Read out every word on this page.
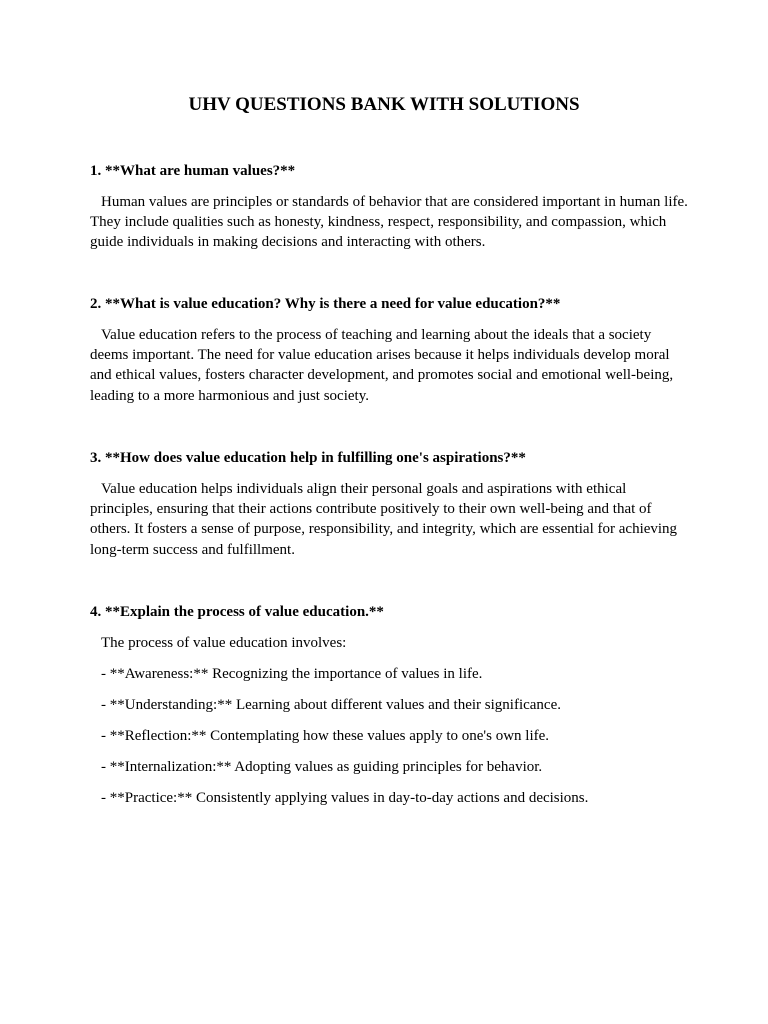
UHV QUESTIONS BANK WITH SOLUTIONS

1. **What are human values?**

Human values are principles or standards of behavior that are considered important in human life. They include qualities such as honesty, kindness, respect, responsibility, and compassion, which guide individuals in making decisions and interacting with others.

2. **What is value education? Why is there a need for value education?**

Value education refers to the process of teaching and learning about the ideals that a society deems important. The need for value education arises because it helps individuals develop moral and ethical values, fosters character development, and promotes social and emotional well-being, leading to a more harmonious and just society.

3. **How does value education help in fulfilling one's aspirations?**

Value education helps individuals align their personal goals and aspirations with ethical principles, ensuring that their actions contribute positively to their own well-being and that of others. It fosters a sense of purpose, responsibility, and integrity, which are essential for achieving long-term success and fulfillment.

4. **Explain the process of value education.**

The process of value education involves:

- **Awareness:** Recognizing the importance of values in life.
- **Understanding:** Learning about different values and their significance.
- **Reflection:** Contemplating how these values apply to one's own life.
- **Internalization:** Adopting values as guiding principles for behavior.
- **Practice:** Consistently applying values in day-to-day actions and decisions.
